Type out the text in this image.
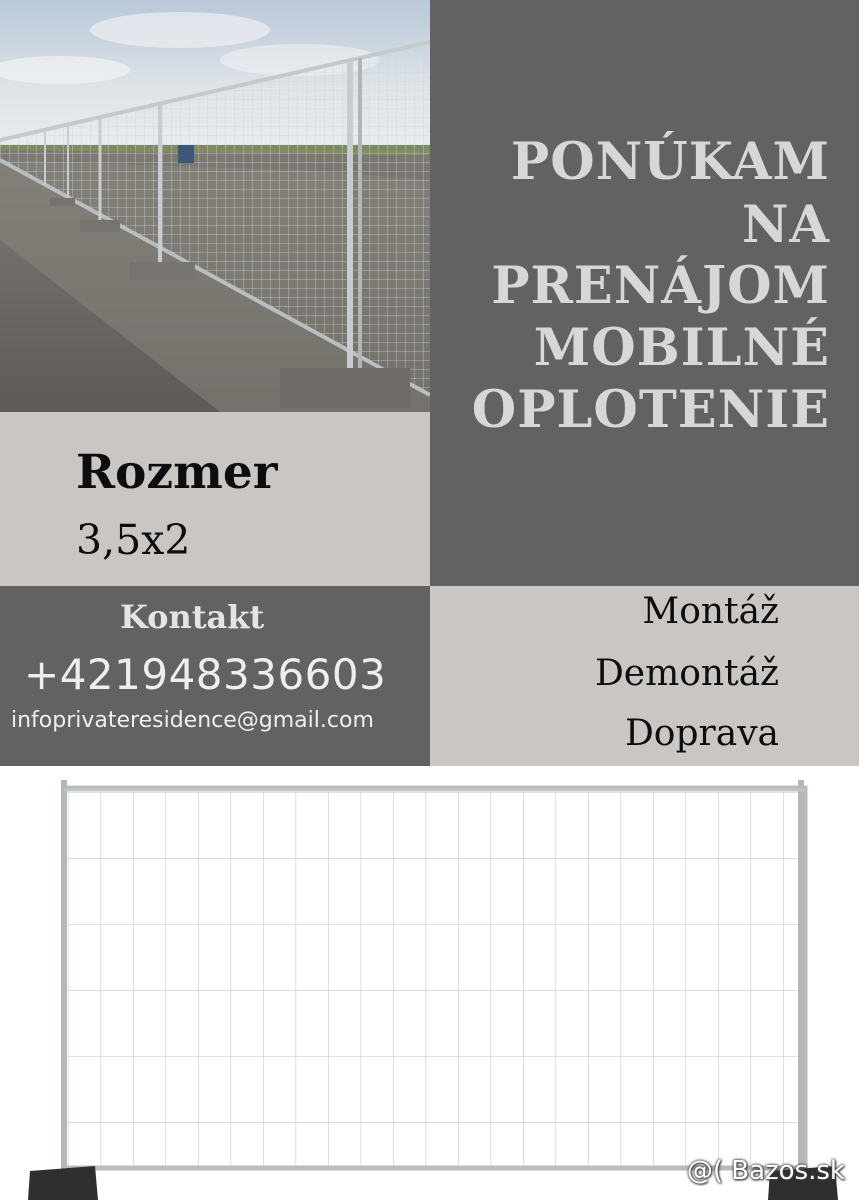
PONÚKAM
NA
PRENÁJOM
MOBILNÉ
OPLOTENIE
Rozmer
3,5x2
Kontakt
+421948336603
infoprivateresidence@gmail.com
Montáž
Demontáž
Doprava
@( Bazos.sk
